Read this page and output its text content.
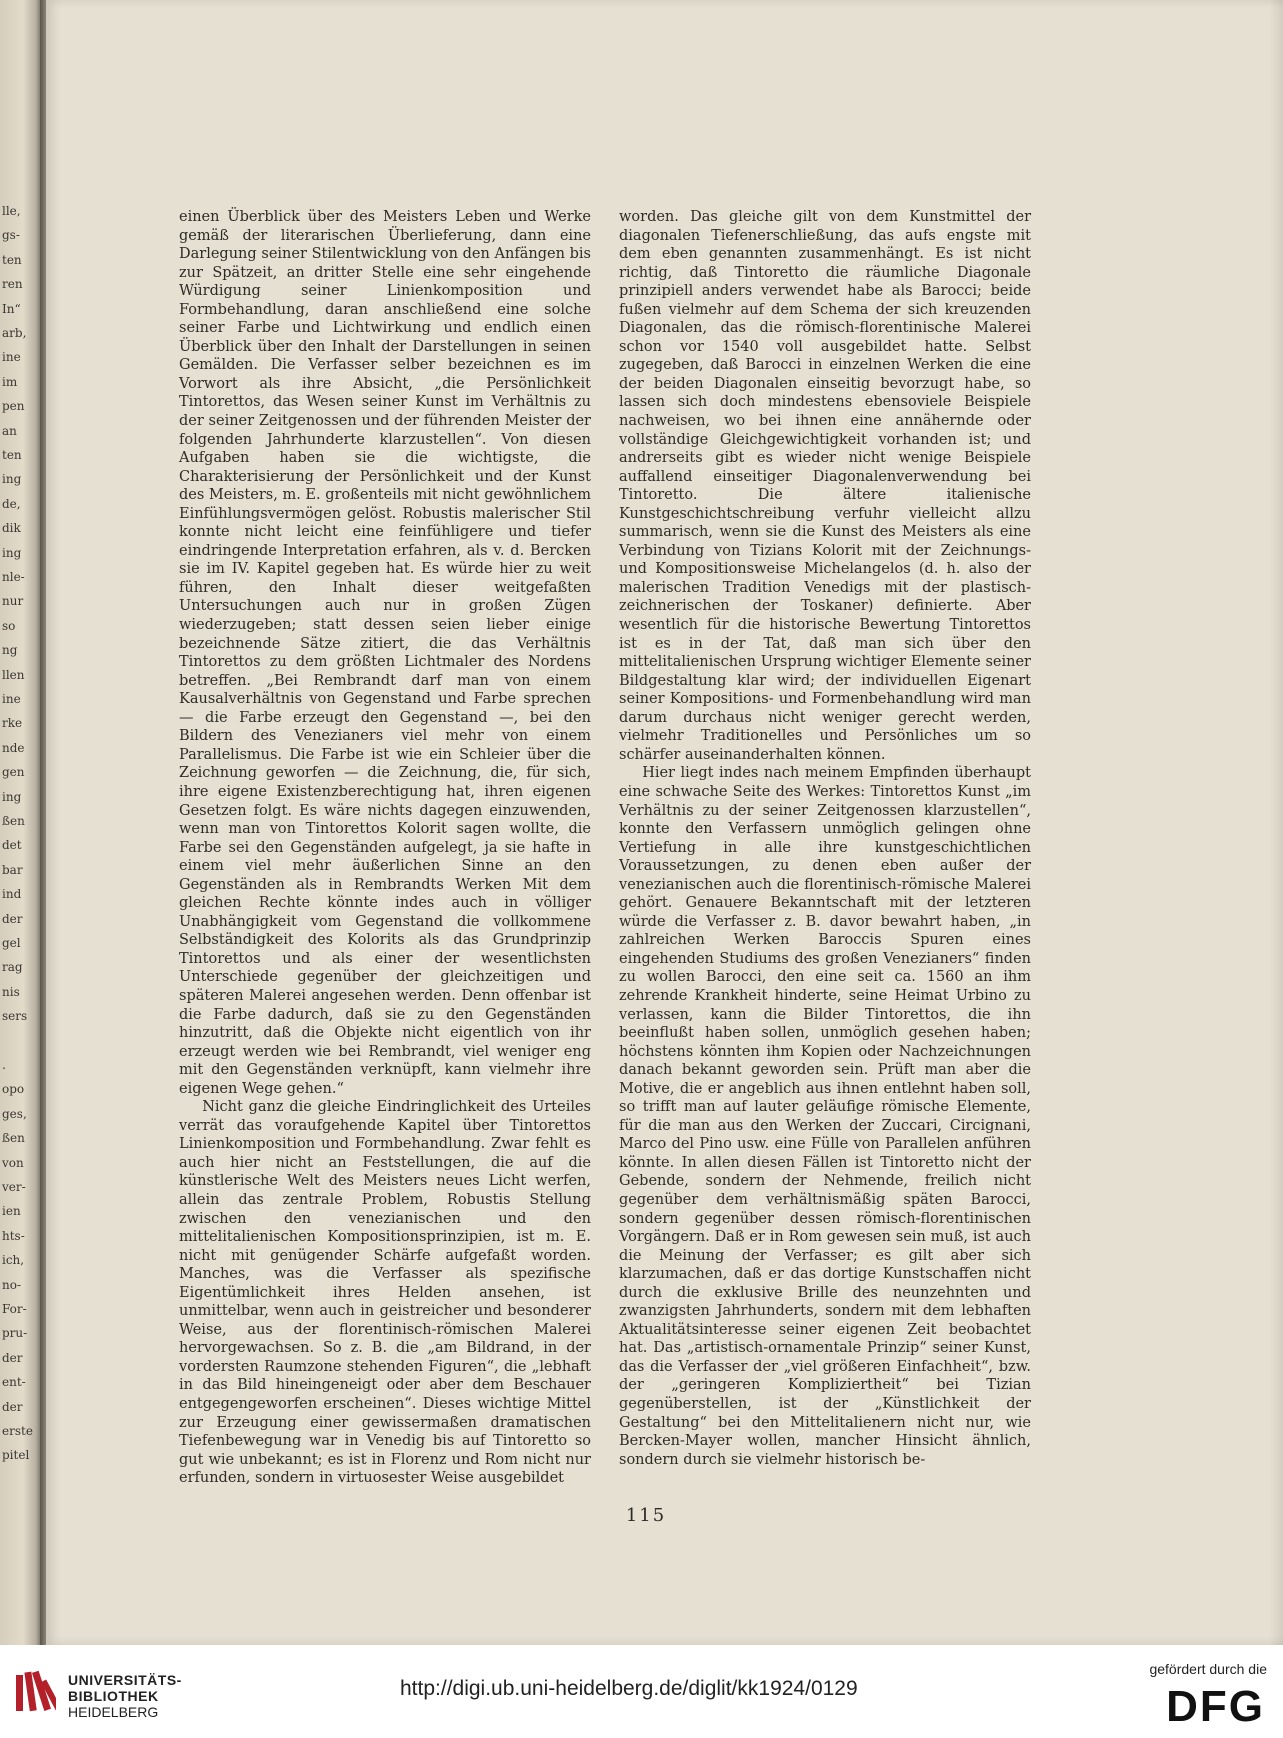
lle,
gs-
ten
ren
In“
arb,
ine
im
pen
an
ten
ing
de,
dik
ing
nle-
nur
so
ng
llen
ine
rke
nde
gen
ing
ßen
det
bar
ind
der
gel
rag
nis
sers
.
opo
ges,
ßen
von
ver-
ien
hts-
ich,
no-
For-
pru-
der
ent-
der
erste
pitel

einen Überblick über des Meisters Leben und Werke gemäß der literarischen Überlieferung, dann eine Darlegung seiner Stilentwicklung von den Anfängen bis zur Spätzeit, an dritter Stelle eine sehr eingehende Würdigung seiner Linienkomposition und Formbehandlung, daran anschließend eine solche seiner Farbe und Lichtwirkung und endlich einen Überblick über den Inhalt der Darstellungen in seinen Gemälden. Die Verfasser selber bezeichnen es im Vorwort als ihre Absicht, „die Persönlichkeit Tintorettos, das Wesen seiner Kunst im Verhältnis zu der seiner Zeitgenossen und der führenden Meister der folgenden Jahrhunderte klarzustellen“. Von diesen Aufgaben haben sie die wichtigste, die Charakterisierung der Persönlichkeit und der Kunst des Meisters, m. E. großenteils mit nicht gewöhnlichem Einfühlungsvermögen gelöst. Robustis malerischer Stil konnte nicht leicht eine feinfühligere und tiefer eindringende Interpretation erfahren, als v. d. Bercken sie im IV. Kapitel gegeben hat. Es würde hier zu weit führen, den Inhalt dieser weitgefaßten Untersuchungen auch nur in großen Zügen wiederzugeben; statt dessen seien lieber einige bezeichnende Sätze zitiert, die das Verhältnis Tintorettos zu dem größten Lichtmaler des Nordens betreffen. „Bei Rembrandt darf man von einem Kausalverhältnis von Gegenstand und Farbe sprechen — die Farbe erzeugt den Gegenstand —, bei den Bildern des Venezianers viel mehr von einem Parallelismus. Die Farbe ist wie ein Schleier über die Zeichnung geworfen — die Zeichnung, die, für sich, ihre eigene Existenzberechtigung hat, ihren eigenen Gesetzen folgt. Es wäre nichts dagegen einzuwenden, wenn man von Tintorettos Kolorit sagen wollte, die Farbe sei den Gegenständen aufgelegt, ja sie hafte in einem viel mehr äußerlichen Sinne an den Gegenständen als in Rembrandts Werken Mit dem gleichen Rechte könnte indes auch in völliger Unabhängigkeit vom Gegenstand die vollkommene Selbständigkeit des Kolorits als das Grundprinzip Tintorettos und als einer der wesentlichsten Unterschiede gegenüber der gleichzeitigen und späteren Malerei angesehen werden. Denn offenbar ist die Farbe dadurch, daß sie zu den Gegenständen hinzutritt, daß die Objekte nicht eigentlich von ihr erzeugt werden wie bei Rembrandt, viel weniger eng mit den Gegenständen verknüpft, kann vielmehr ihre eigenen Wege gehen.“

Nicht ganz die gleiche Eindringlichkeit des Urteiles verrät das voraufgehende Kapitel über Tintorettos Linienkomposition und Formbehandlung. Zwar fehlt es auch hier nicht an Feststellungen, die auf die künstlerische Welt des Meisters neues Licht werfen, allein das zentrale Problem, Robustis Stellung zwischen den venezianischen und den mittelitalienischen Kompositionsprinzipien, ist m. E. nicht mit genügender Schärfe aufgefaßt worden. Manches, was die Verfasser als spezifische Eigentümlichkeit ihres Helden ansehen, ist unmittelbar, wenn auch in geistreicher und besonderer Weise, aus der florentinisch-römischen Malerei hervorgewachsen. So z. B. die „am Bildrand, in der vordersten Raumzone stehenden Figuren“, die „lebhaft in das Bild hineingeneigt oder aber dem Beschauer entgegengeworfen erscheinen“. Dieses wichtige Mittel zur Erzeugung einer gewissermaßen dramatischen Tiefenbewegung war in Venedig bis auf Tintoretto so gut wie unbekannt; es ist in Florenz und Rom nicht nur erfunden, sondern in virtuosester Weise ausgebildet

worden. Das gleiche gilt von dem Kunstmittel der diagonalen Tiefenerschließung, das aufs engste mit dem eben genannten zusammenhängt. Es ist nicht richtig, daß Tintoretto die räumliche Diagonale prinzipiell anders verwendet habe als Barocci; beide fußen vielmehr auf dem Schema der sich kreuzenden Diagonalen, das die römisch-florentinische Malerei schon vor 1540 voll ausgebildet hatte. Selbst zugegeben, daß Barocci in einzelnen Werken die eine der beiden Diagonalen einseitig bevorzugt habe, so lassen sich doch mindestens ebensoviele Beispiele nachweisen, wo bei ihnen eine annähernde oder vollständige Gleichgewichtigkeit vorhanden ist; und andrerseits gibt es wieder nicht wenige Beispiele auffallend einseitiger Diagonalenverwendung bei Tintoretto. Die ältere italienische Kunstgeschichtschreibung verfuhr vielleicht allzu summarisch, wenn sie die Kunst des Meisters als eine Verbindung von Tizians Kolorit mit der Zeichnungs- und Kompositionsweise Michelangelos (d. h. also der malerischen Tradition Venedigs mit der plastisch-zeichnerischen der Toskaner) definierte. Aber wesentlich für die historische Bewertung Tintorettos ist es in der Tat, daß man sich über den mittelitalienischen Ursprung wichtiger Elemente seiner Bildgestaltung klar wird; der individuellen Eigenart seiner Kompositions- und Formenbehandlung wird man darum durchaus nicht weniger gerecht werden, vielmehr Traditionelles und Persönliches um so schärfer auseinanderhalten können.

Hier liegt indes nach meinem Empfinden überhaupt eine schwache Seite des Werkes: Tintorettos Kunst „im Verhältnis zu der seiner Zeitgenossen klarzustellen“, konnte den Verfassern unmöglich gelingen ohne Vertiefung in alle ihre kunstgeschichtlichen Voraussetzungen, zu denen eben außer der venezianischen auch die florentinisch-römische Malerei gehört. Genauere Bekanntschaft mit der letzteren würde die Verfasser z. B. davor bewahrt haben, „in zahlreichen Werken Baroccis Spuren eines eingehenden Studiums des großen Venezianers“ finden zu wollen Barocci, den eine seit ca. 1560 an ihm zehrende Krankheit hinderte, seine Heimat Urbino zu verlassen, kann die Bilder Tintorettos, die ihn beeinflußt haben sollen, unmöglich gesehen haben; höchstens könnten ihm Kopien oder Nachzeichnungen danach bekannt geworden sein. Prüft man aber die Motive, die er angeblich aus ihnen entlehnt haben soll, so trifft man auf lauter geläufige römische Elemente, für die man aus den Werken der Zuccari, Circignani, Marco del Pino usw. eine Fülle von Parallelen anführen könnte. In allen diesen Fällen ist Tintoretto nicht der Gebende, sondern der Nehmende, freilich nicht gegenüber dem verhältnismäßig späten Barocci, sondern gegenüber dessen römisch-florentinischen Vorgängern. Daß er in Rom gewesen sein muß, ist auch die Meinung der Verfasser; es gilt aber sich klarzumachen, daß er das dortige Kunstschaffen nicht durch die exklusive Brille des neunzehnten und zwanzigsten Jahrhunderts, sondern mit dem lebhaften Aktualitätsinteresse seiner eigenen Zeit beobachtet hat. Das „artistisch-ornamentale Prinzip“ seiner Kunst, das die Verfasser der „viel größeren Einfachheit“, bzw. der „geringeren Kompliziertheit“ bei Tizian gegenüberstellen, ist der „Künstlichkeit der Gestaltung“ bei den Mittelitalienern nicht nur, wie Bercken-Mayer wollen, mancher Hinsicht ähnlich, sondern durch sie vielmehr historisch be-

115
UNIVERSITÄTS-
BIBLIOTHEK
HEIDELBERG
http://digi.ub.uni-heidelberg.de/diglit/kk1924/0129
gefördert durch die
DFG
